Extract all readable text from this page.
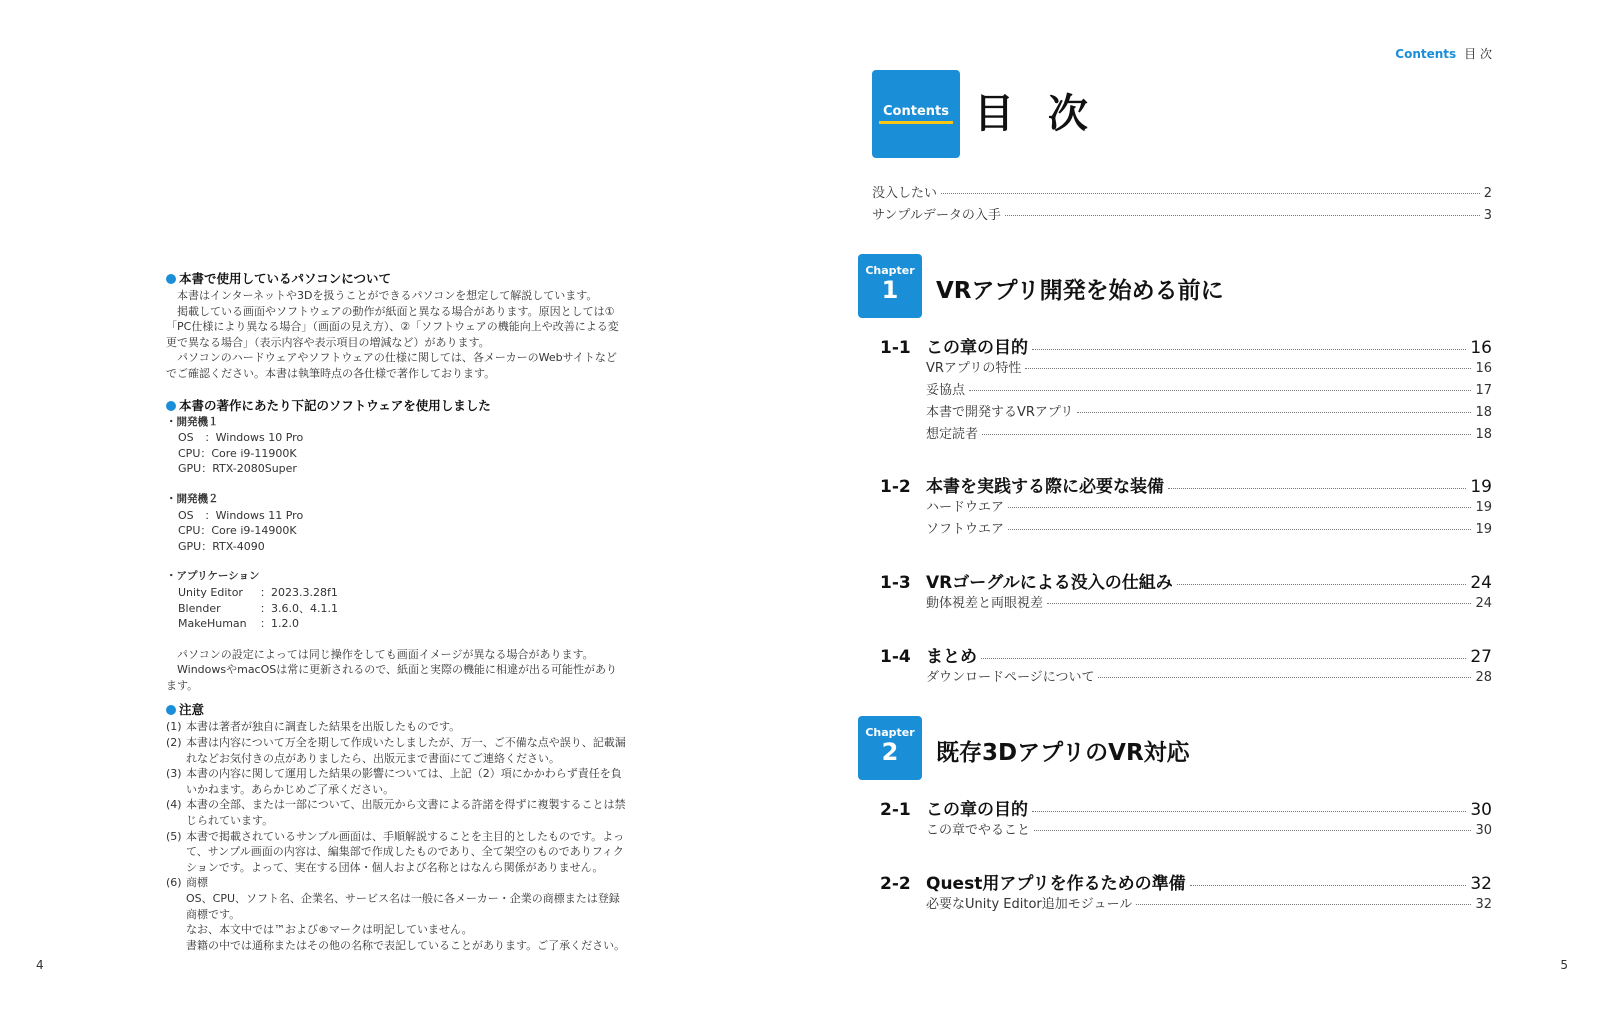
本書で使用しているパソコンについて

本書はインターネットや3Dを扱うことができるパソコンを想定して解説しています。

掲載している画面やソフトウェアの動作が紙面と異なる場合があります。原因としては①「PC仕様により異なる場合」（画面の見え方）、②「ソフトウェアの機能向上や改善による変更で異なる場合」（表示内容や表示項目の増減など）があります。

パソコンのハードウェアやソフトウェアの仕様に関しては、各メーカーのWebサイトなどでご確認ください。本書は執筆時点の各仕様で著作しております。

本書の著作にあたり下記のソフトウェアを使用しました

・開発機１

OS　：Windows 10 Pro

CPU：Core i9-11900K

GPU：RTX-2080Super

・開発機２

OS　：Windows 11 Pro

CPU：Core i9-14900K

GPU：RTX-4090

・アプリケーション

Unity Editor	：2023.3.28f1
Blender	：3.6.0、4.1.1
MakeHuman	：1.2.0

パソコンの設定によっては同じ操作をしても画面イメージが異なる場合があります。

WindowsやmacOSは常に更新されるので、紙面と実際の機能に相違が出る可能性があります。

注意

(1) 本書は著者が独自に調査した結果を出版したものです。
(2) 本書は内容について万全を期して作成いたしましたが、万一、ご不備な点や誤り、記載漏れなどお気付きの点がありましたら、出版元まで書面にてご連絡ください。
(3) 本書の内容に関して運用した結果の影響については、上記（2）項にかかわらず責任を負いかねます。あらかじめご了承ください。
(4) 本書の全部、または一部について、出版元から文書による許諾を得ずに複製することは禁じられています。
(5) 本書で掲載されているサンプル画面は、手順解説することを主目的としたものです。よって、サンプル画面の内容は、編集部で作成したものであり、全て架空のものでありフィクションです。よって、実在する団体・個人および名称とはなんら関係がありません。
(6) 商標

OS、CPU、ソフト名、企業名、サービス名は一般に各メーカー・企業の商標または登録商標です。

なお、本文中では™および®マークは明記していません。

書籍の中では通称またはその他の名称で表記していることがあります。ご了承ください。

4
Contents 目 次
Contents 目 次
没入したい	2
サンプルデータの入手	3
Chapter
1	VRアプリ開発を始める前に
1-1 この章の目的	16
VRアプリの特性	16
妥協点	17
本書で開発するVRアプリ	18
想定読者	18
1-2 本書を実践する際に必要な装備	19
ハードウエア	19
ソフトウエア	19
1-3 VRゴーグルによる没入の仕組み	24
動体視差と両眼視差	24
1-4 まとめ	27
ダウンロードページについて	28
Chapter
2	既存3DアプリのVR対応
2-1 この章の目的	30
この章でやること	30
2-2 Quest用アプリを作るための準備	32
必要なUnity Editor追加モジュール	32
5
